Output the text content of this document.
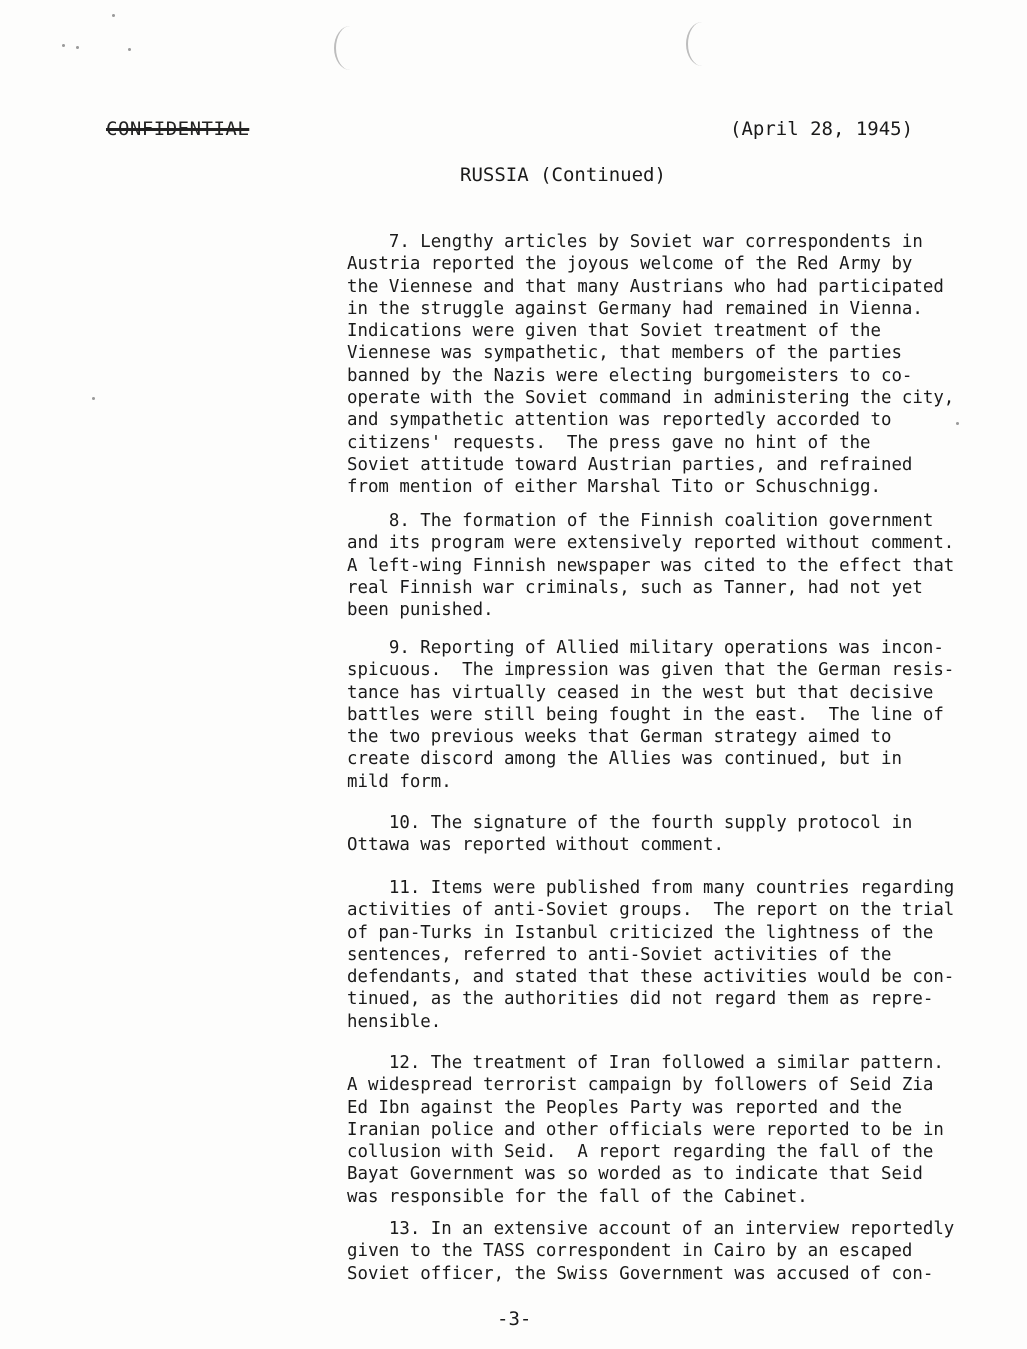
CONFIDENTIAL	(April 28, 1945)
RUSSIA (Continued)
7. Lengthy articles by Soviet war correspondents in
Austria reported the joyous welcome of the Red Army by
the Viennese and that many Austrians who had participated
in the struggle against Germany had remained in Vienna.
Indications were given that Soviet treatment of the
Viennese was sympathetic, that members of the parties
banned by the Nazis were electing burgomeisters to co-
operate with the Soviet command in administering the city,
and sympathetic attention was reportedly accorded to
citizens' requests.  The press gave no hint of the
Soviet attitude toward Austrian parties, and refrained
from mention of either Marshal Tito or Schuschnigg.
8. The formation of the Finnish coalition government
and its program were extensively reported without comment.
A left-wing Finnish newspaper was cited to the effect that
real Finnish war criminals, such as Tanner, had not yet
been punished.
9. Reporting of Allied military operations was incon-
spicuous.  The impression was given that the German resis-
tance has virtually ceased in the west but that decisive
battles were still being fought in the east.  The line of
the two previous weeks that German strategy aimed to
create discord among the Allies was continued, but in
mild form.
10. The signature of the fourth supply protocol in
Ottawa was reported without comment.
11. Items were published from many countries regarding
activities of anti-Soviet groups.  The report on the trial
of pan-Turks in Istanbul criticized the lightness of the
sentences, referred to anti-Soviet activities of the
defendants, and stated that these activities would be con-
tinued, as the authorities did not regard them as repre-
hensible.
12. The treatment of Iran followed a similar pattern.
A widespread terrorist campaign by followers of Seid Zia
Ed Ibn against the Peoples Party was reported and the
Iranian police and other officials were reported to be in
collusion with Seid.  A report regarding the fall of the
Bayat Government was so worded as to indicate that Seid
was responsible for the fall of the Cabinet.
13. In an extensive account of an interview reportedly
given to the TASS correspondent in Cairo by an escaped
Soviet officer, the Swiss Government was accused of con-
-3-
